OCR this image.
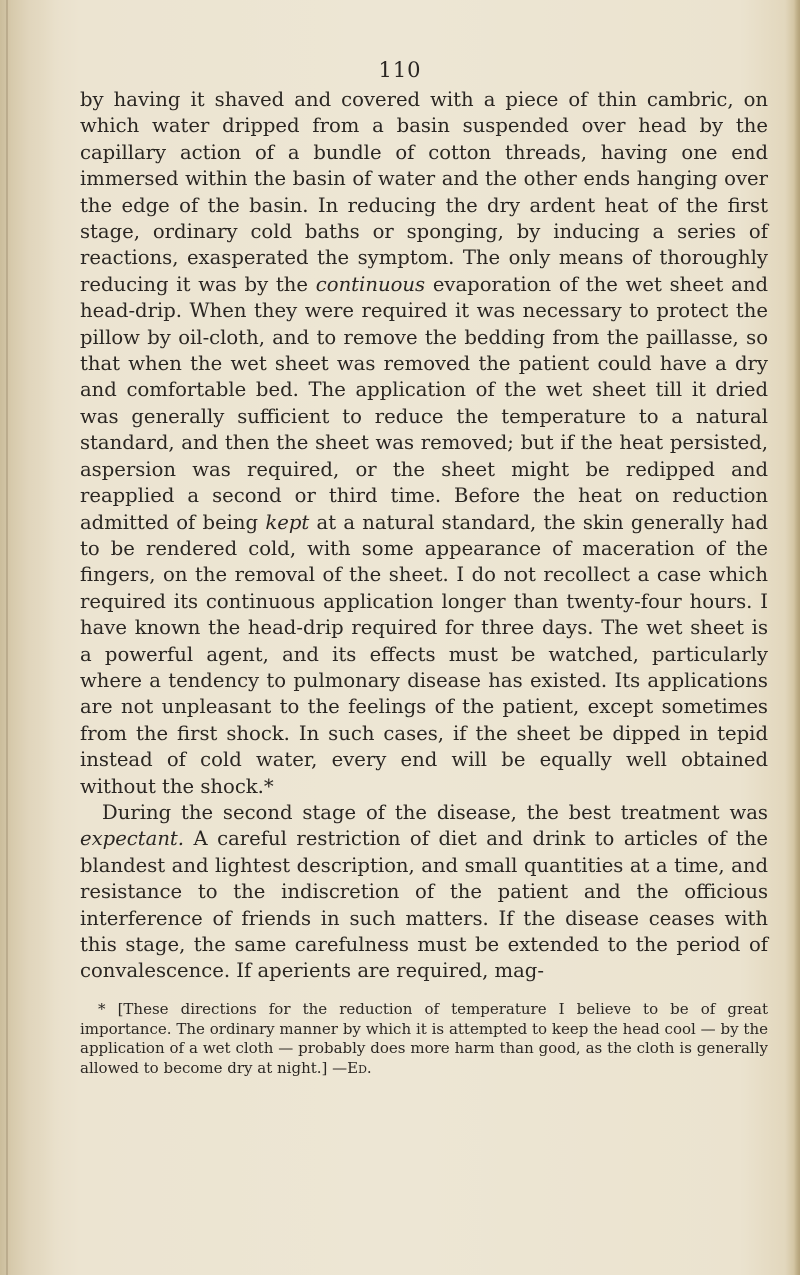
110

by having it shaved and covered with a piece of thin cambric, on which water dripped from a basin suspended over head by the capillary action of a bundle of cotton threads, having one end immersed within the basin of water and the other ends hanging over the edge of the basin. In reducing the dry ardent heat of the first stage, ordinary cold baths or sponging, by inducing a series of reactions, exasperated the symptom. The only means of thoroughly reducing it was by the continuous evaporation of the wet sheet and head-drip. When they were required it was necessary to protect the pillow by oil-cloth, and to remove the bedding from the paillasse, so that when the wet sheet was removed the patient could have a dry and comfortable bed. The application of the wet sheet till it dried was generally sufficient to reduce the temperature to a natural standard, and then the sheet was removed; but if the heat persisted, aspersion was required, or the sheet might be redipped and reapplied a second or third time. Before the heat on reduction admitted of being kept at a natural standard, the skin generally had to be rendered cold, with some appearance of maceration of the fingers, on the removal of the sheet. I do not recollect a case which required its continuous application longer than twenty-four hours. I have known the head-drip required for three days. The wet sheet is a powerful agent, and its effects must be watched, particularly where a tendency to pulmonary disease has existed. Its applications are not unpleasant to the feelings of the patient, except sometimes from the first shock. In such cases, if the sheet be dipped in tepid instead of cold water, every end will be equally well obtained without the shock.*

During the second stage of the disease, the best treatment was expectant. A careful restriction of diet and drink to articles of the blandest and lightest description, and small quantities at a time, and resistance to the indiscretion of the patient and the officious interference of friends in such matters. If the disease ceases with this stage, the same carefulness must be extended to the period of convalescence. If aperients are required, mag-

* [These directions for the reduction of temperature I believe to be of great importance. The ordinary manner by which it is attempted to keep the head cool — by the application of a wet cloth — probably does more harm than good, as the cloth is generally allowed to become dry at night.] —Ed.
